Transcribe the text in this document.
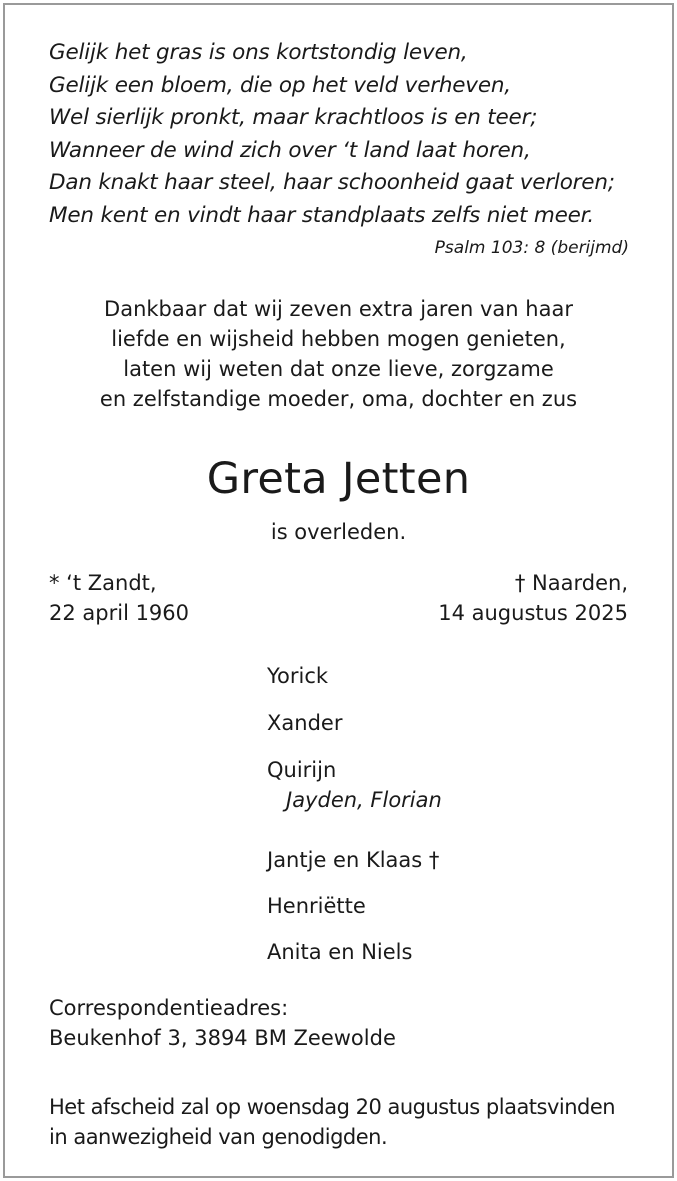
Gelijk het gras is ons kortstondig leven,
Gelijk een bloem, die op het veld verheven,
Wel sierlijk pronkt, maar krachtloos is en teer;
Wanneer de wind zich over ‘t land laat horen,
Dan knakt haar steel, haar schoonheid gaat verloren;
Men kent en vindt haar standplaats zelfs niet meer.
Psalm 103: 8 (berijmd)
Dankbaar dat wij zeven extra jaren van haar
liefde en wijsheid hebben mogen genieten,
laten wij weten dat onze lieve, zorgzame
en zelfstandige moeder, oma, dochter en zus
Greta Jetten
is overleden.
* ‘t Zandt,
22 april 1960
† Naarden,
14 augustus 2025
Yorick
Xander
Quirijn
Jayden, Florian
Jantje en Klaas †
Henriëtte
Anita en Niels
Correspondentieadres:
Beukenhof 3, 3894 BM Zeewolde
Het afscheid zal op woensdag 20 augustus plaatsvinden
in aanwezigheid van genodigden.
